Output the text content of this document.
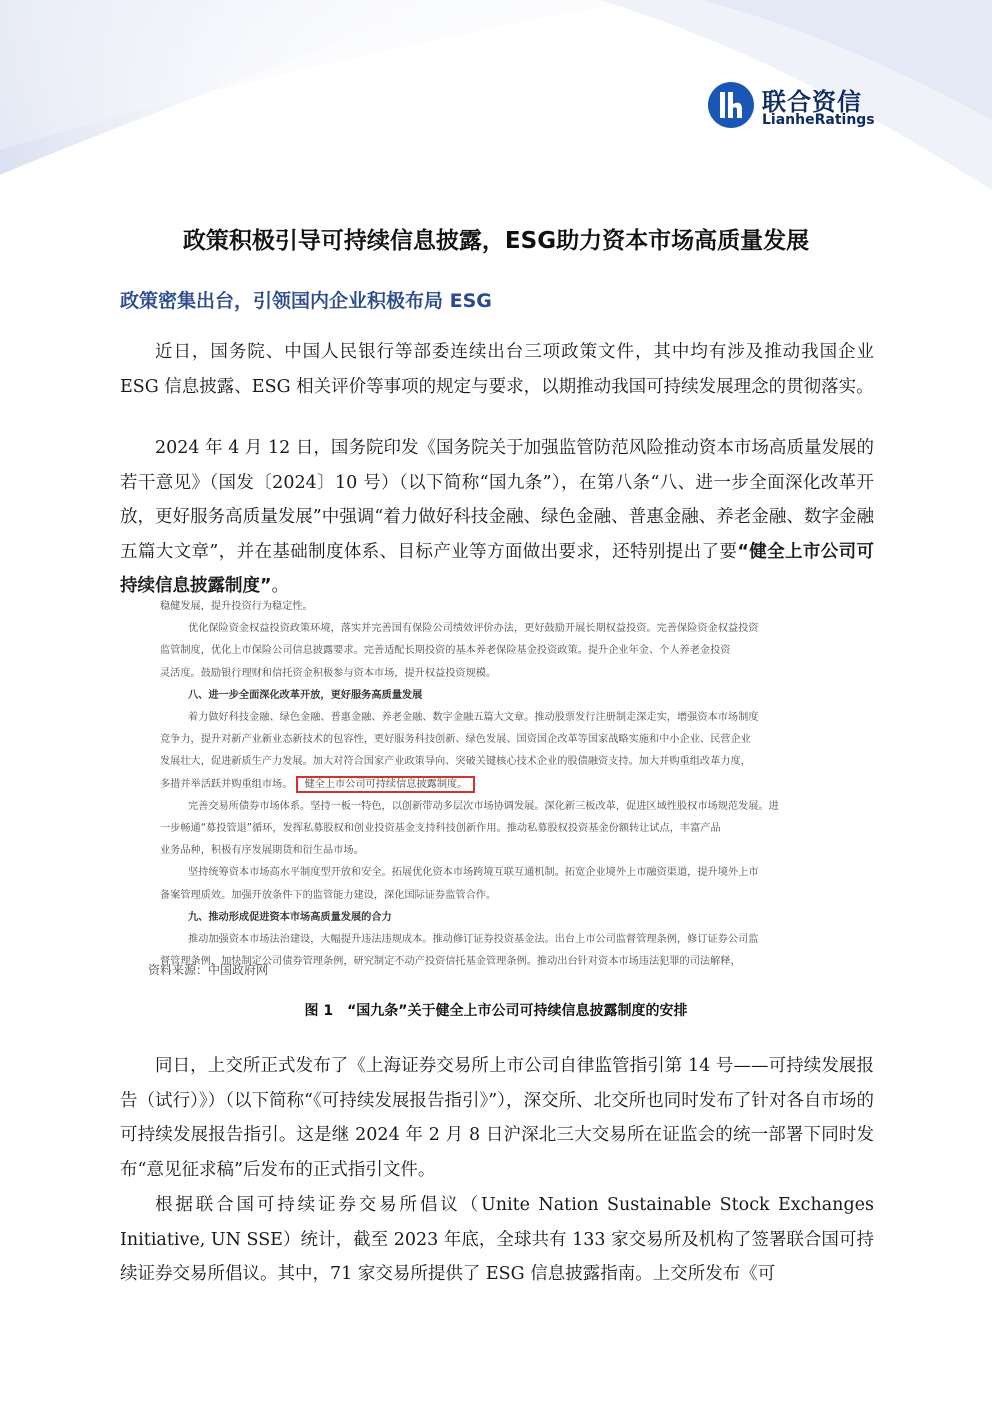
联合资信
LianheRatings
政策积极引导可持续信息披露，ESG助力资本市场高质量发展
政策密集出台，引领国内企业积极布局 ESG

近日，国务院、中国人民银行等部委连续出台三项政策文件，其中均有涉及推动我国企业 ESG 信息披露、ESG 相关评价等事项的规定与要求，以期推动我国可持续发展理念的贯彻落实。

2024 年 4 月 12 日，国务院印发《国务院关于加强监管防范风险推动资本市场高质量发展的若干意见》（国发〔2024〕10 号）（以下简称“国九条”），在第八条“八、进一步全面深化改革开放，更好服务高质量发展”中强调“着力做好科技金融、绿色金融、普惠金融、养老金融、数字金融五篇大文章”，并在基础制度体系、目标产业等方面做出要求，还特别提出了要“健全上市公司可持续信息披露制度”。

稳健发展，提升投资行为稳定性。

优化保险资金权益投资政策环境，落实并完善国有保险公司绩效评价办法，更好鼓励开展长期权益投资。完善保险资金权益投资

监管制度，优化上市保险公司信息披露要求。完善适配长期投资的基本养老保险基金投资政策。提升企业年金、个人养老金投资

灵活度。鼓励银行理财和信托资金积极参与资本市场，提升权益投资规模。

八、进一步全面深化改革开放，更好服务高质量发展

着力做好科技金融、绿色金融、普惠金融、养老金融、数字金融五篇大文章。推动股票发行注册制走深走实，增强资本市场制度

竞争力，提升对新产业新业态新技术的包容性，更好服务科技创新、绿色发展、国资国企改革等国家战略实施和中小企业、民营企业

发展壮大，促进新质生产力发展。加大对符合国家产业政策导向、突破关键核心技术企业的股债融资支持。加大并购重组改革力度，

多措并举活跃并购重组市场。 健全上市公司可持续信息披露制度。

完善交易所债券市场体系。坚持一板一特色，以创新带动多层次市场协调发展。深化新三板改革，促进区域性股权市场规范发展。进

一步畅通“募投管退”循环，发挥私募股权和创业投资基金支持科技创新作用。推动私募股权投资基金份额转让试点，丰富产品

业务品种，积极有序发展期货和衍生品市场。

坚持统筹资本市场高水平制度型开放和安全。拓展优化资本市场跨境互联互通机制。拓宽企业境外上市融资渠道，提升境外上市

备案管理质效。加强开放条件下的监管能力建设，深化国际证券监管合作。

九、推动形成促进资本市场高质量发展的合力

推动加强资本市场法治建设，大幅提升违法违规成本。推动修订证券投资基金法。出台上市公司监督管理条例，修订证券公司监

督管理条例，加快制定公司债券管理条例，研究制定不动产投资信托基金管理条例。推动出台针对资本市场违法犯罪的司法解释，

资料来源：中国政府网

图 1　“国九条”关于健全上市公司可持续信息披露制度的安排

同日，上交所正式发布了《上海证券交易所上市公司自律监管指引第 14 号——可持续发展报告（试行）》）（以下简称“《可持续发展报告指引》”），深交所、北交所也同时发布了针对各自市场的可持续发展报告指引。这是继 2024 年 2 月 8 日沪深北三大交易所在证监会的统一部署下同时发布“意见征求稿”后发布的正式指引文件。

根据联合国可持续证券交易所倡议（Unite Nation Sustainable Stock Exchanges Initiative, UN SSE）统计，截至 2023 年底，全球共有 133 家交易所及机构了签署联合国可持续证券交易所倡议。其中，71 家交易所提供了 ESG 信息披露指南。上交所发布《可
